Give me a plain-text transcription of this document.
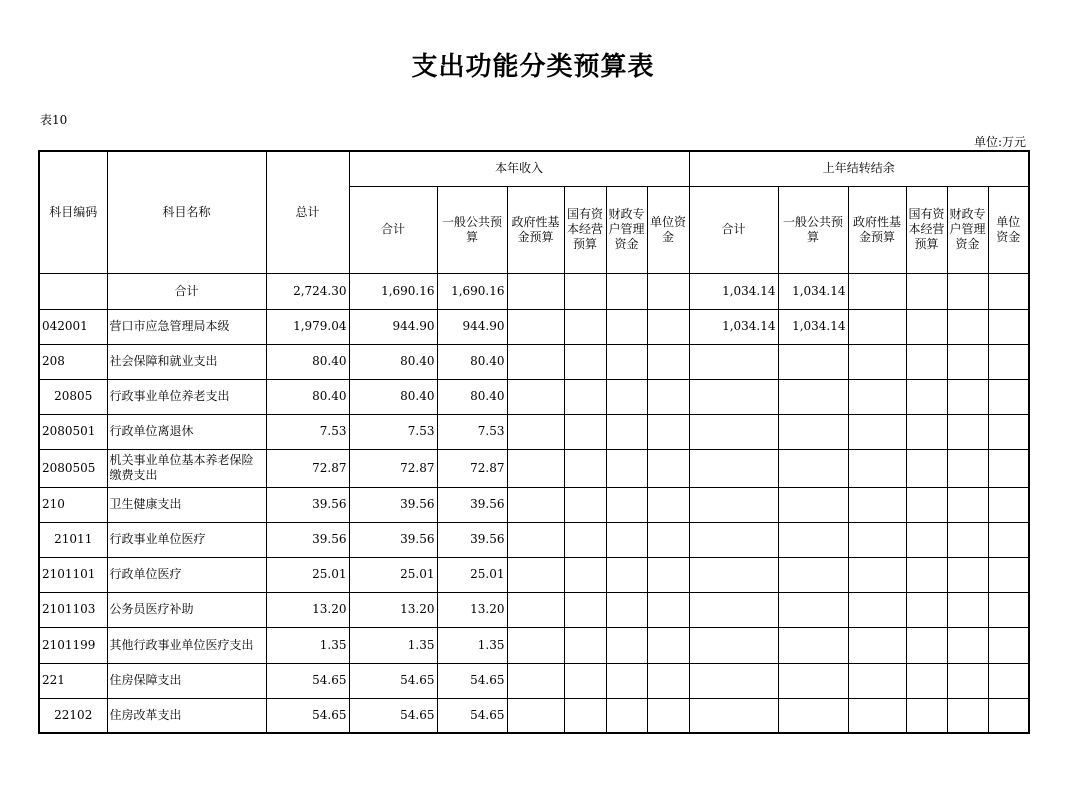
支出功能分类预算表
表10
单位:万元
科目编码	科目名称	总计	本年收入						上年结转结余					
			合计	一般公共预算	政府性基金预算	国有资本经营预算	财政专户管理资金	单位资金	合计	一般公共预算	政府性基金预算	国有资本经营预算	财政专户管理资金	单位资金
	合计	2,724.30	1,690.16	1,690.16					1,034.14	1,034.14				
042001	营口市应急管理局本级	1,979.04	944.90	944.90					1,034.14	1,034.14				
208	社会保障和就业支出	80.40	80.40	80.40										
20805	行政事业单位养老支出	80.40	80.40	80.40										
2080501	行政单位离退休	7.53	7.53	7.53										
2080505	机关事业单位基本养老保险缴费支出	72.87	72.87	72.87										
210	卫生健康支出	39.56	39.56	39.56										
21011	行政事业单位医疗	39.56	39.56	39.56										
2101101	行政单位医疗	25.01	25.01	25.01										
2101103	公务员医疗补助	13.20	13.20	13.20										
2101199	其他行政事业单位医疗支出	1.35	1.35	1.35										
221	住房保障支出	54.65	54.65	54.65										
22102	住房改革支出	54.65	54.65	54.65										
